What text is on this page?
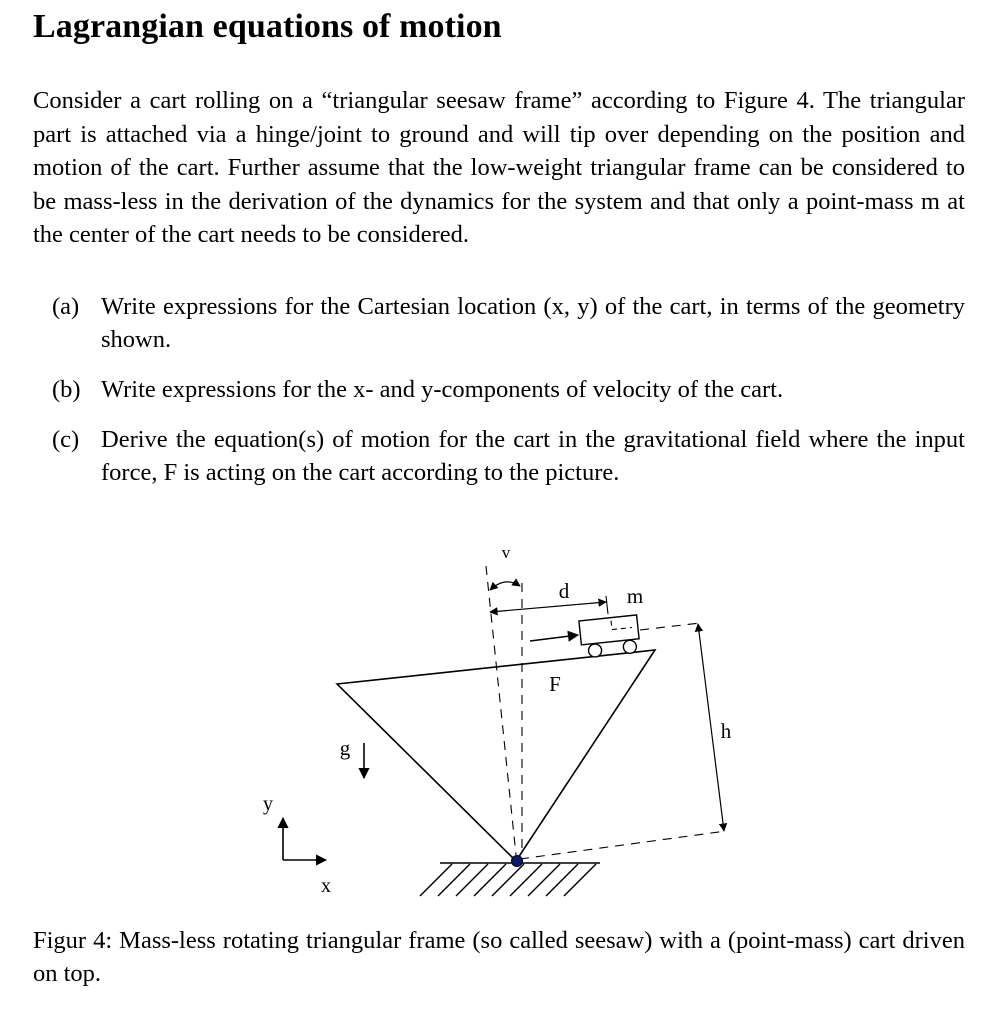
Lagrangian equations of motion

Consider a cart rolling on a “triangular seesaw frame” according to Figure 4. The triangular part is attached via a hinge/joint to ground and will tip over depending on the position and motion of the cart. Further assume that the low-weight triangular frame can be considered to be mass-less in the derivation of the dynamics for the system and that only a point-mass m at the center of the cart needs to be considered.

(a) Write expressions for the Cartesian location (x, y) of the cart, in terms of the geometry shown.
(b) Write expressions for the x- and y-components of velocity of the cart.
(c) Derive the equation(s) of motion for the cart in the gravitational field where the input force, F is acting on the cart according to the picture.
v
d	m
F
h
g
y
x

Figur 4: Mass-less rotating triangular frame (so called seesaw) with a (point-mass) cart driven on top.
